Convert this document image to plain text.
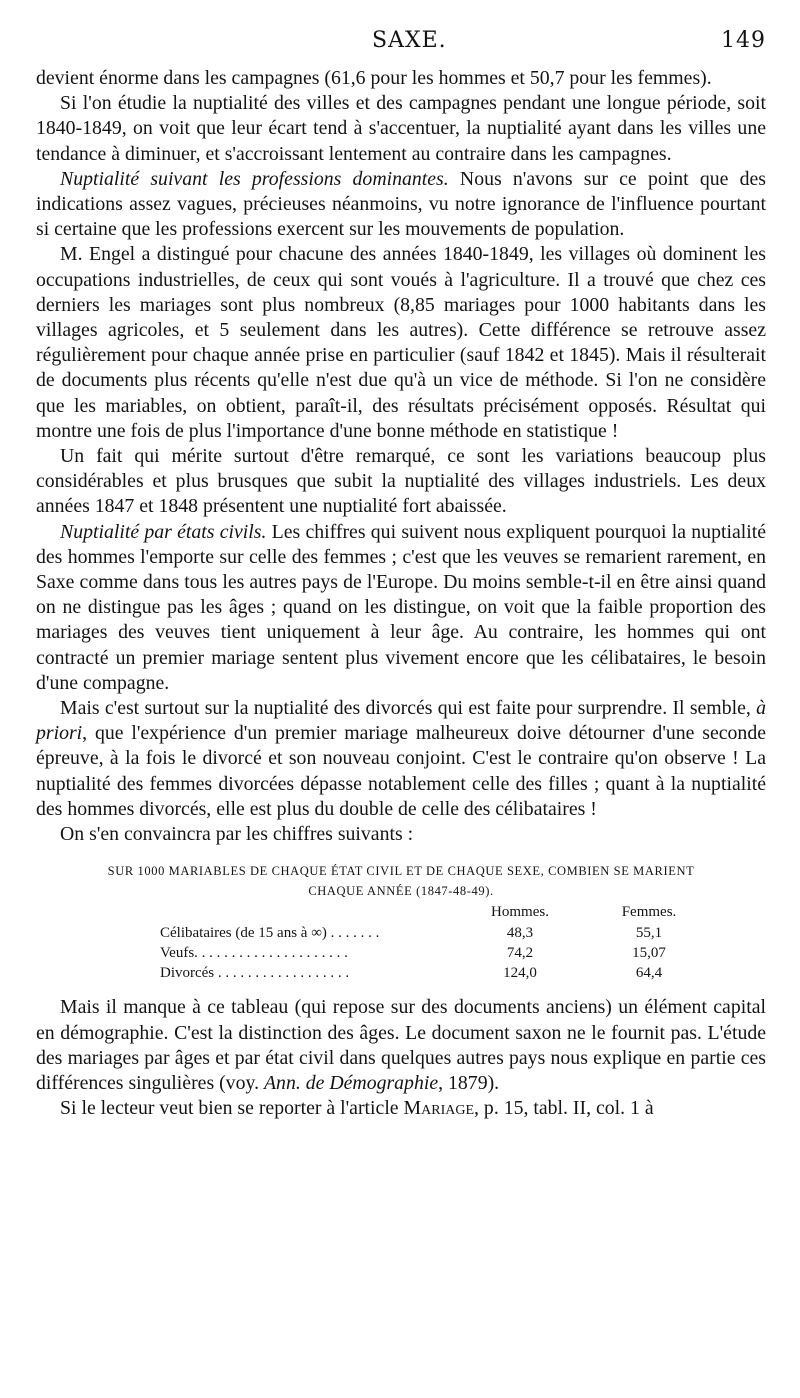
SAXE.	149

devient énorme dans les campagnes (61,6 pour les hommes et 50,7 pour les femmes).

Si l'on étudie la nuptialité des villes et des campagnes pendant une longue période, soit 1840-1849, on voit que leur écart tend à s'accentuer, la nuptialité ayant dans les villes une tendance à diminuer, et s'accroissant lentement au contraire dans les campagnes.

Nuptialité suivant les professions dominantes. Nous n'avons sur ce point que des indications assez vagues, précieuses néanmoins, vu notre ignorance de l'influence pourtant si certaine que les professions exercent sur les mouvements de population.

M. Engel a distingué pour chacune des années 1840-1849, les villages où dominent les occupations industrielles, de ceux qui sont voués à l'agriculture. Il a trouvé que chez ces derniers les mariages sont plus nombreux (8,85 mariages pour 1000 habitants dans les villages agricoles, et 5 seulement dans les autres). Cette différence se retrouve assez régulièrement pour chaque année prise en particulier (sauf 1842 et 1845). Mais il résulterait de documents plus récents qu'elle n'est due qu'à un vice de méthode. Si l'on ne considère que les mariables, on obtient, paraît-il, des résultats précisément opposés. Résultat qui montre une fois de plus l'importance d'une bonne méthode en statistique !

Un fait qui mérite surtout d'être remarqué, ce sont les variations beaucoup plus considérables et plus brusques que subit la nuptialité des villages industriels. Les deux années 1847 et 1848 présentent une nuptialité fort abaissée.

Nuptialité par états civils. Les chiffres qui suivent nous expliquent pourquoi la nuptialité des hommes l'emporte sur celle des femmes ; c'est que les veuves se remarient rarement, en Saxe comme dans tous les autres pays de l'Europe. Du moins semble-t-il en être ainsi quand on ne distingue pas les âges ; quand on les distingue, on voit que la faible proportion des mariages des veuves tient uniquement à leur âge. Au contraire, les hommes qui ont contracté un premier mariage sentent plus vivement encore que les célibataires, le besoin d'une compagne.

Mais c'est surtout sur la nuptialité des divorcés qui est faite pour surprendre. Il semble, à priori, que l'expérience d'un premier mariage malheureux doive détourner d'une seconde épreuve, à la fois le divorcé et son nouveau conjoint. C'est le contraire qu'on observe ! La nuptialité des femmes divorcées dépasse notablement celle des filles ; quant à la nuptialité des hommes divorcés, elle est plus du double de celle des célibataires !

On s'en convaincra par les chiffres suivants :

SUR 1000 MARIABLES DE CHAQUE ÉTAT CIVIL ET DE CHAQUE SEXE, COMBIEN SE MARIENT
CHAQUE ANNÉE (1847-48-49).
	Hommes.	Femmes.
Célibataires (de 15 ans à ∞) . . . . . . .	48,3	55,1
Veufs. . . . . . . . . . . . . . . . . . . . .	74,2	15,07
Divorcés . . . . . . . . . . . . . . . . . .	124,0	64,4

Mais il manque à ce tableau (qui repose sur des documents anciens) un élément capital en démographie. C'est la distinction des âges. Le document saxon ne le fournit pas. L'étude des mariages par âges et par état civil dans quelques autres pays nous explique en partie ces différences singulières (voy. Ann. de Démographie, 1879).

Si le lecteur veut bien se reporter à l'article Mariage, p. 15, tabl. II, col. 1 à
